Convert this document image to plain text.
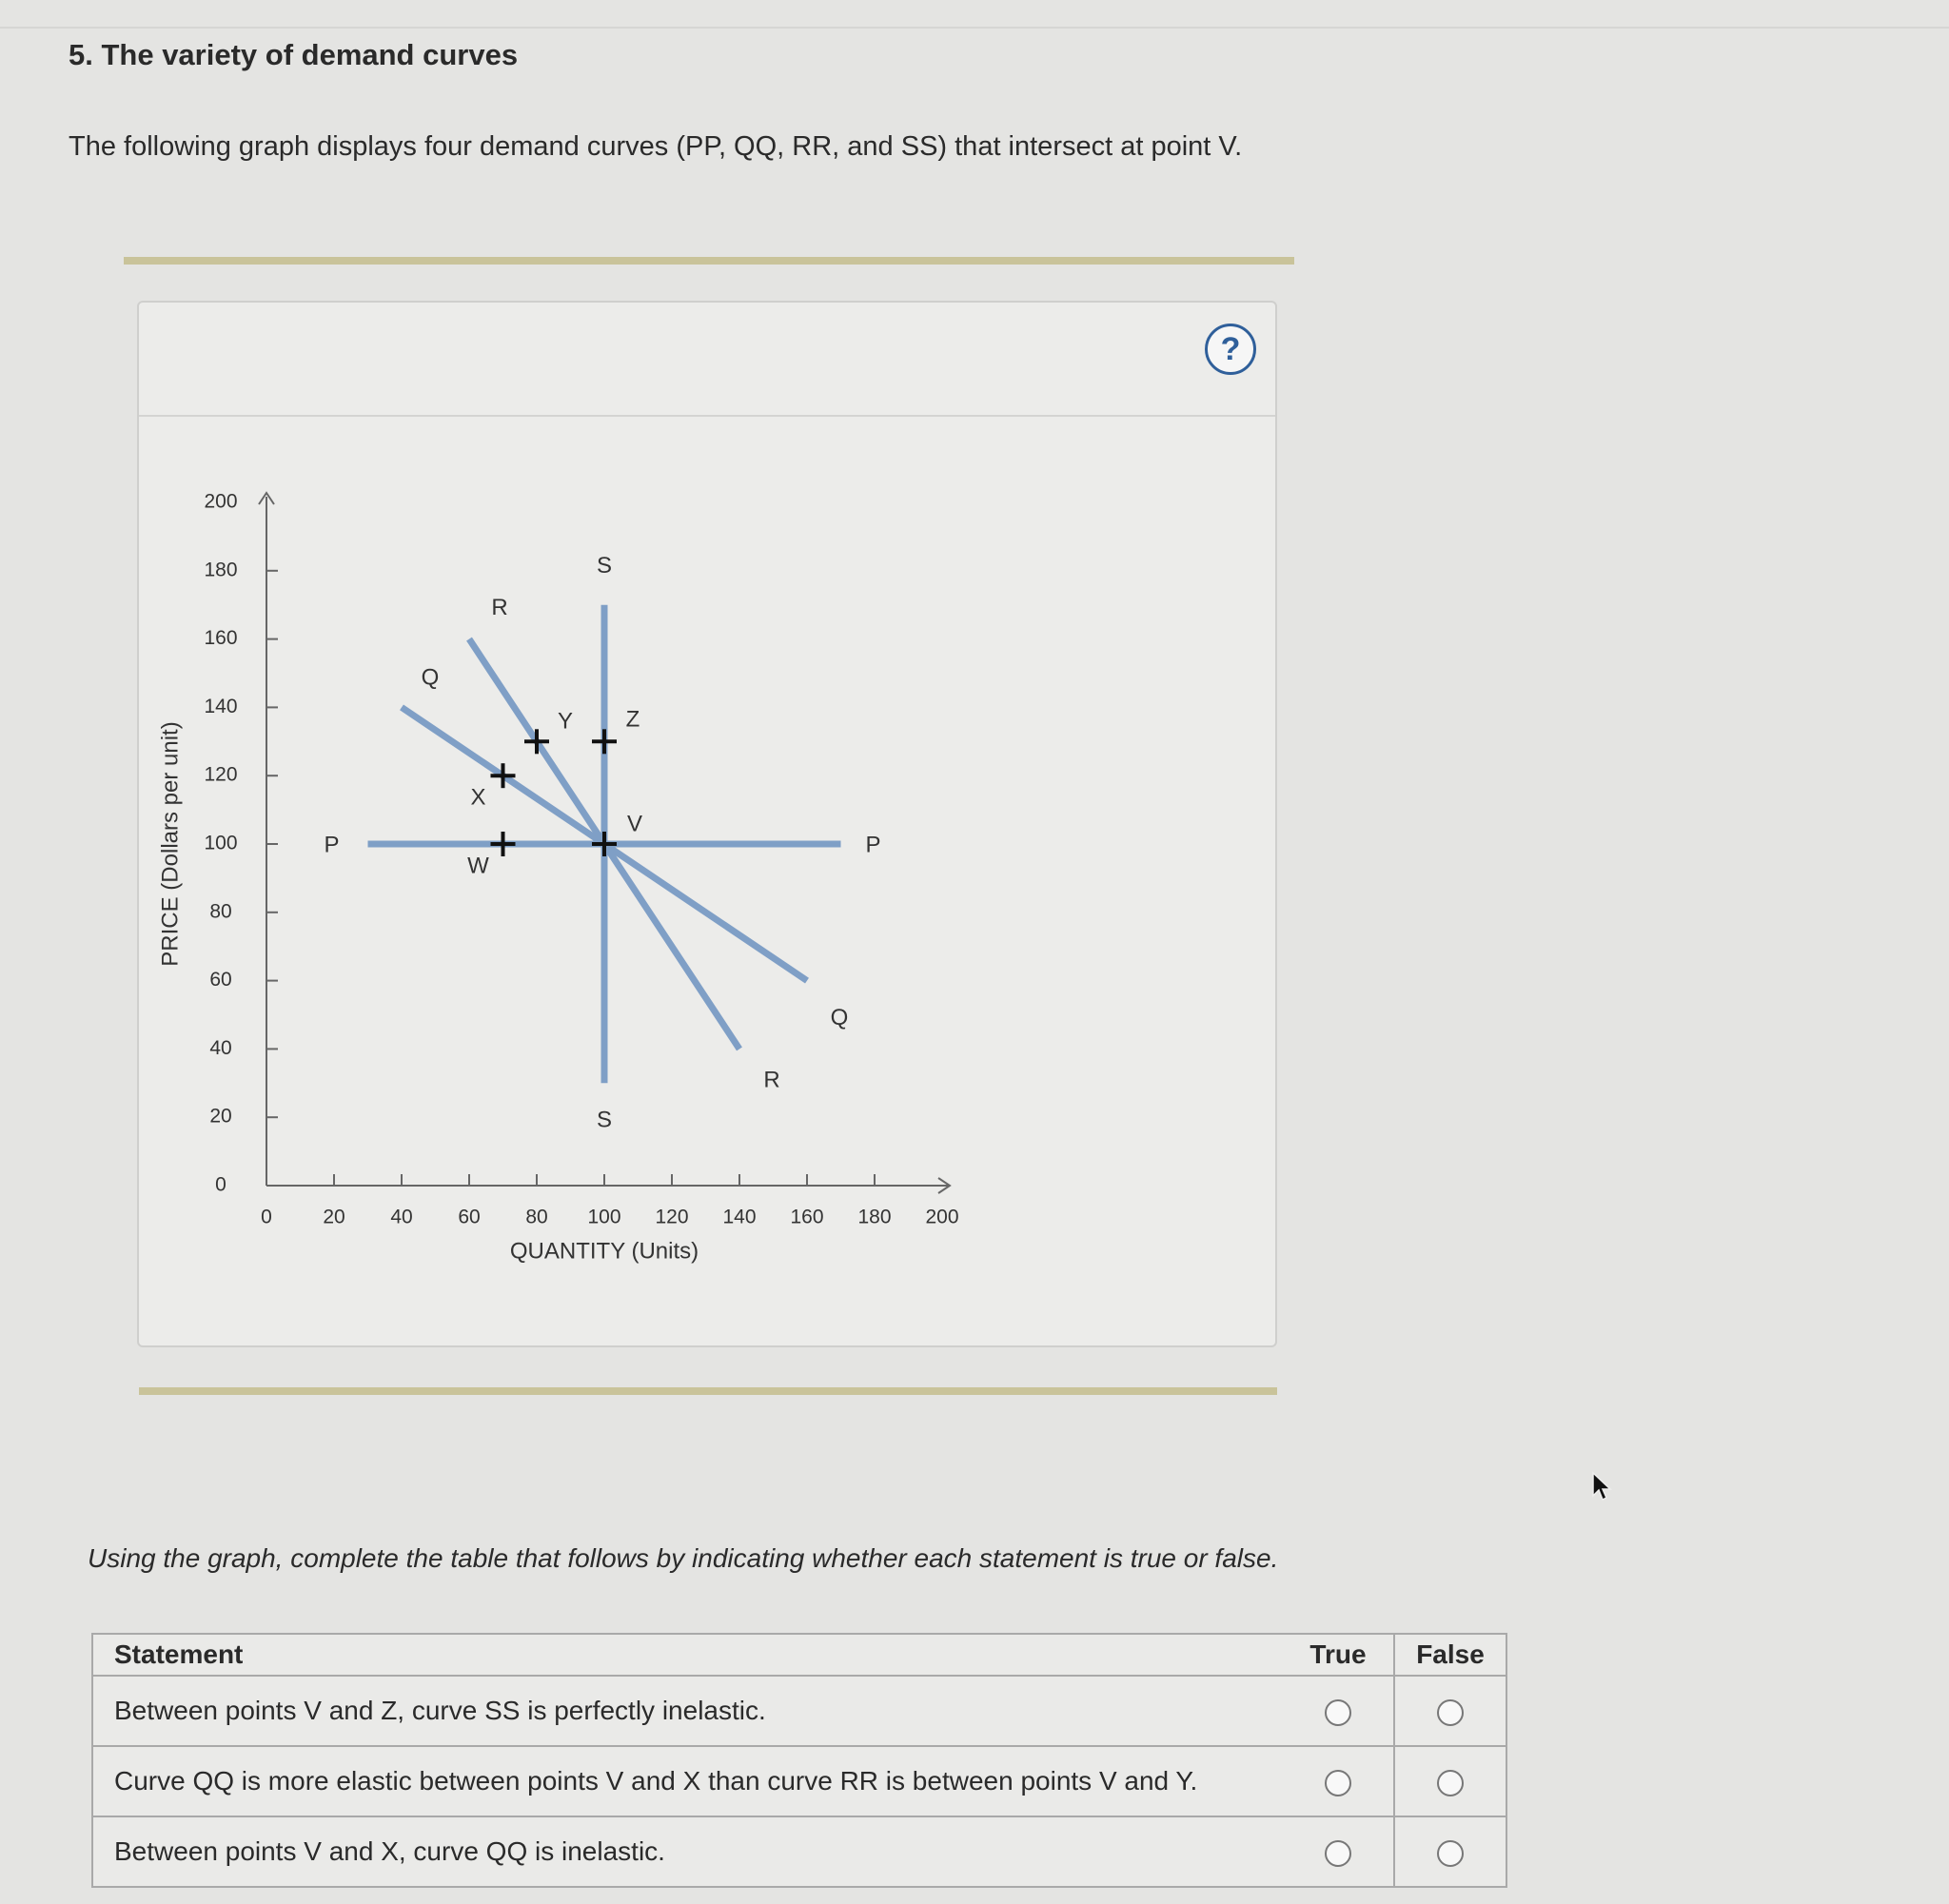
5. The variety of demand curves

The following graph displays four demand curves (PP, QQ, RR, and SS) that intersect at point V.

?
0
20
40
60
80
100
120
140
160
180
200
0	20 40 60 80 100 120 140 160 180 200
QUANTITY (Units)
PRICE (Dollars per unit)	P	P
Q
Q
R
R
S
S
V
W
X
Y Z

Using the graph, complete the table that follows by indicating whether each statement is true or false.

Statement	True	False
Between points V and Z, curve SS is perfectly inelastic.		
Curve QQ is more elastic between points V and X than curve RR is between points V and Y.		
Between points V and X, curve QQ is inelastic.		
